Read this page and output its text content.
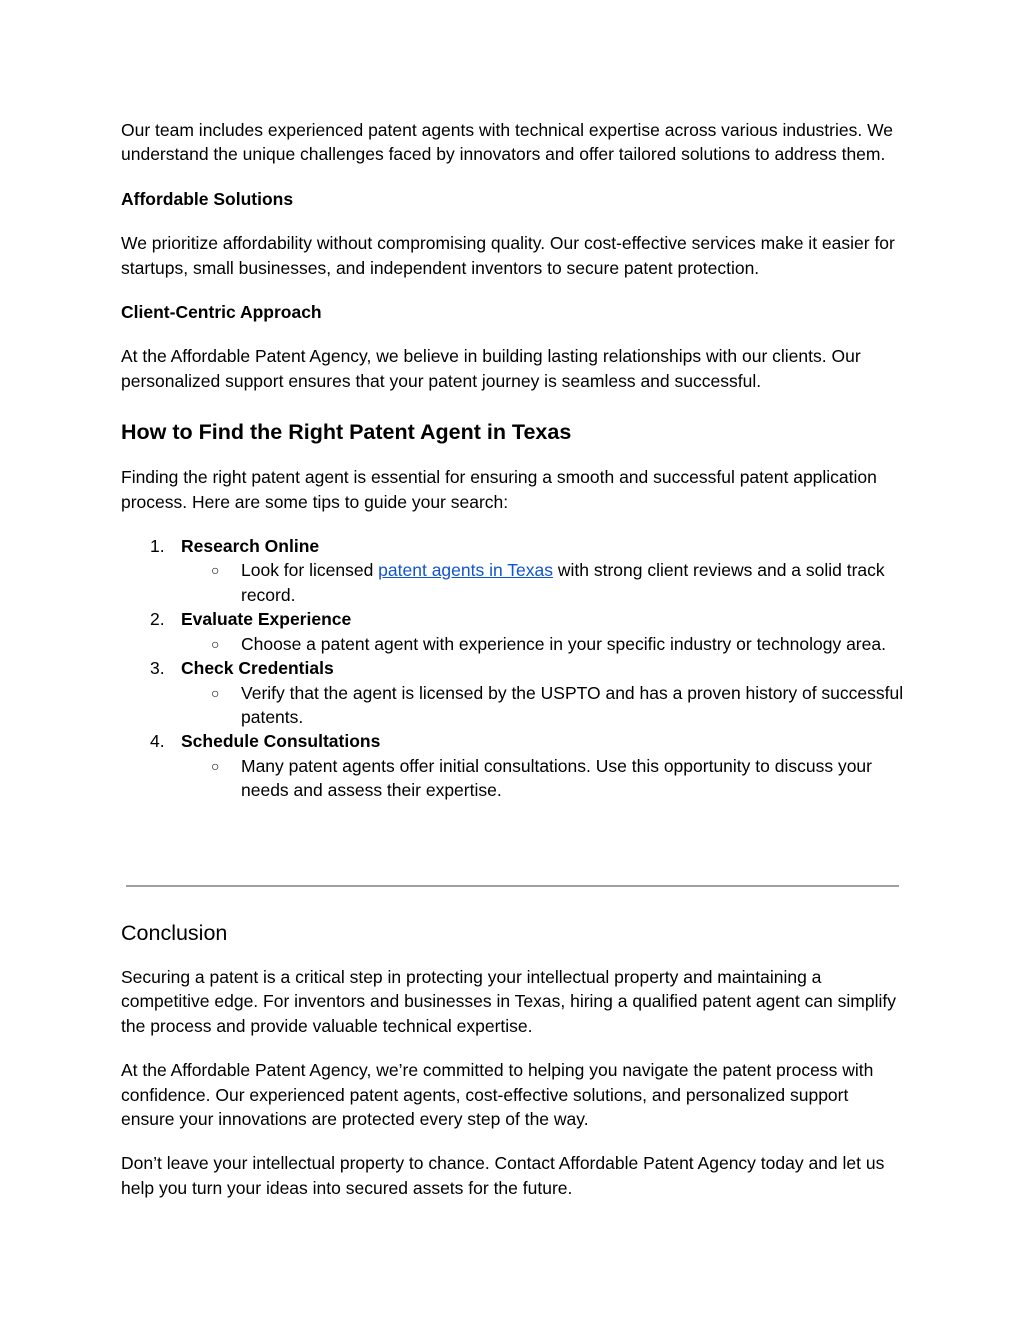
Our team includes experienced patent agents with technical expertise across various industries. We understand the unique challenges faced by innovators and offer tailored solutions to address them.

Affordable Solutions

We prioritize affordability without compromising quality. Our cost-effective services make it easier for startups, small businesses, and independent inventors to secure patent protection.

Client-Centric Approach

At the Affordable Patent Agency, we believe in building lasting relationships with our clients. Our personalized support ensures that your patent journey is seamless and successful.

How to Find the Right Patent Agent in Texas

Finding the right patent agent is essential for ensuring a smooth and successful patent application process. Here are some tips to guide your search:

1. Research Online
○ Look for licensed patent agents in Texas with strong client reviews and a solid track record.
2. Evaluate Experience
○ Choose a patent agent with experience in your specific industry or technology area.
3. Check Credentials
○ Verify that the agent is licensed by the USPTO and has a proven history of successful patents.
4. Schedule Consultations
○ Many patent agents offer initial consultations. Use this opportunity to discuss your needs and assess their expertise.
Conclusion

Securing a patent is a critical step in protecting your intellectual property and maintaining a competitive edge. For inventors and businesses in Texas, hiring a qualified patent agent can simplify the process and provide valuable technical expertise.

At the Affordable Patent Agency, we’re committed to helping you navigate the patent process with confidence. Our experienced patent agents, cost-effective solutions, and personalized support ensure your innovations are protected every step of the way.

Don’t leave your intellectual property to chance. Contact Affordable Patent Agency today and let us help you turn your ideas into secured assets for the future.
